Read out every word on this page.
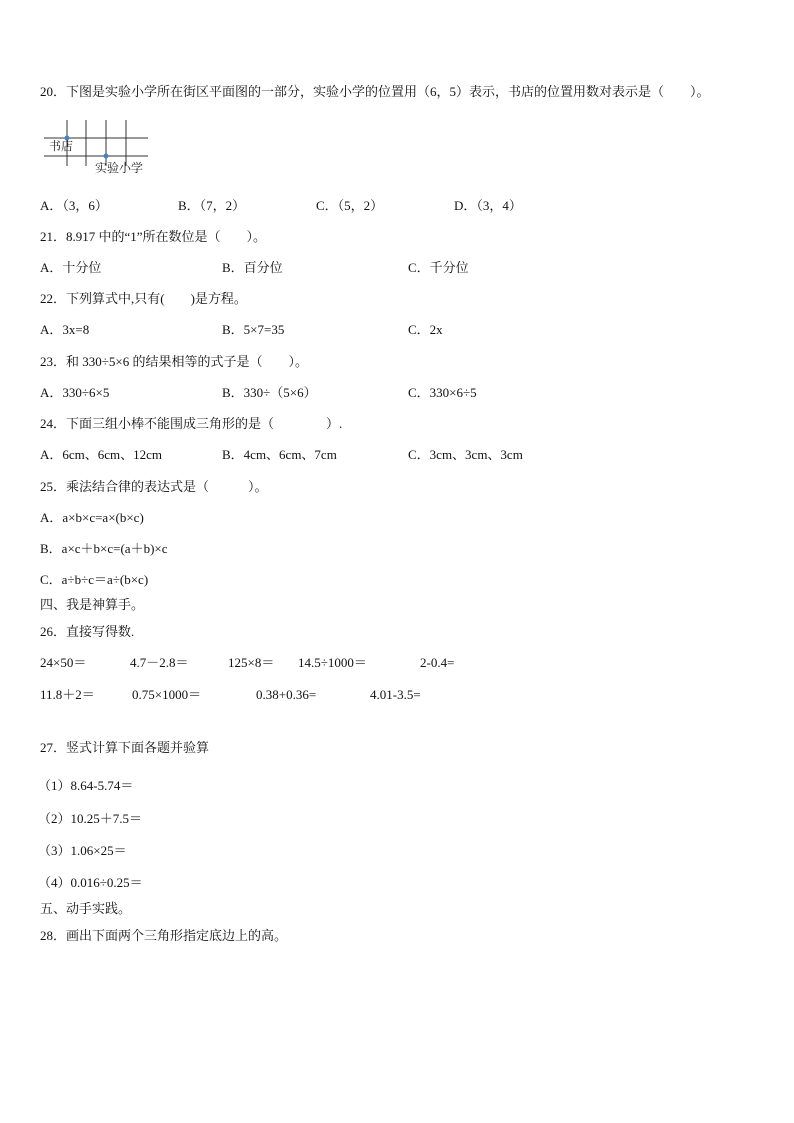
20．下图是实验小学所在街区平面图的一部分，实验小学的位置用（6，5）表示，书店的位置用数对表示是（　　）。
书店
实验小学
A．（3，6）	B．（7，2）	C．（5，2）	D．（3，4）
21．8.917 中的“1”所在数位是（　　）。
A．十分位	B．百分位	C．千分位
22．下列算式中,只有(　　)是方程。
A．3x=8	B．5×7=35	C．2x
23．和 330÷5×6 的结果相等的式子是（　　）。
A．330÷6×5	B．330÷（5×6）	C．330×6÷5
24．下面三组小棒不能围成三角形的是（　　　　）.
A．6cm、6cm、12cm	B．4cm、6cm、7cm	C．3cm、3cm、3cm
25．乘法结合律的表达式是（　　　）。
A．a×b×c=a×(b×c)
B．a×c＋b×c=(a＋b)×c
C．a÷b÷c＝a÷(b×c)
四、我是神算手。
26．直接写得数.
24×50＝	4.7－2.8＝	125×8＝ 14.5÷1000＝	2-0.4=
11.8＋2＝	0.75×1000＝	0.38+0.36=	4.01-3.5=
27．竖式计算下面各题并验算
（1）8.64-5.74＝
（2）10.25＋7.5＝
（3）1.06×25＝
（4）0.016÷0.25＝
五、动手实践。
28．画出下面两个三角形指定底边上的高。
